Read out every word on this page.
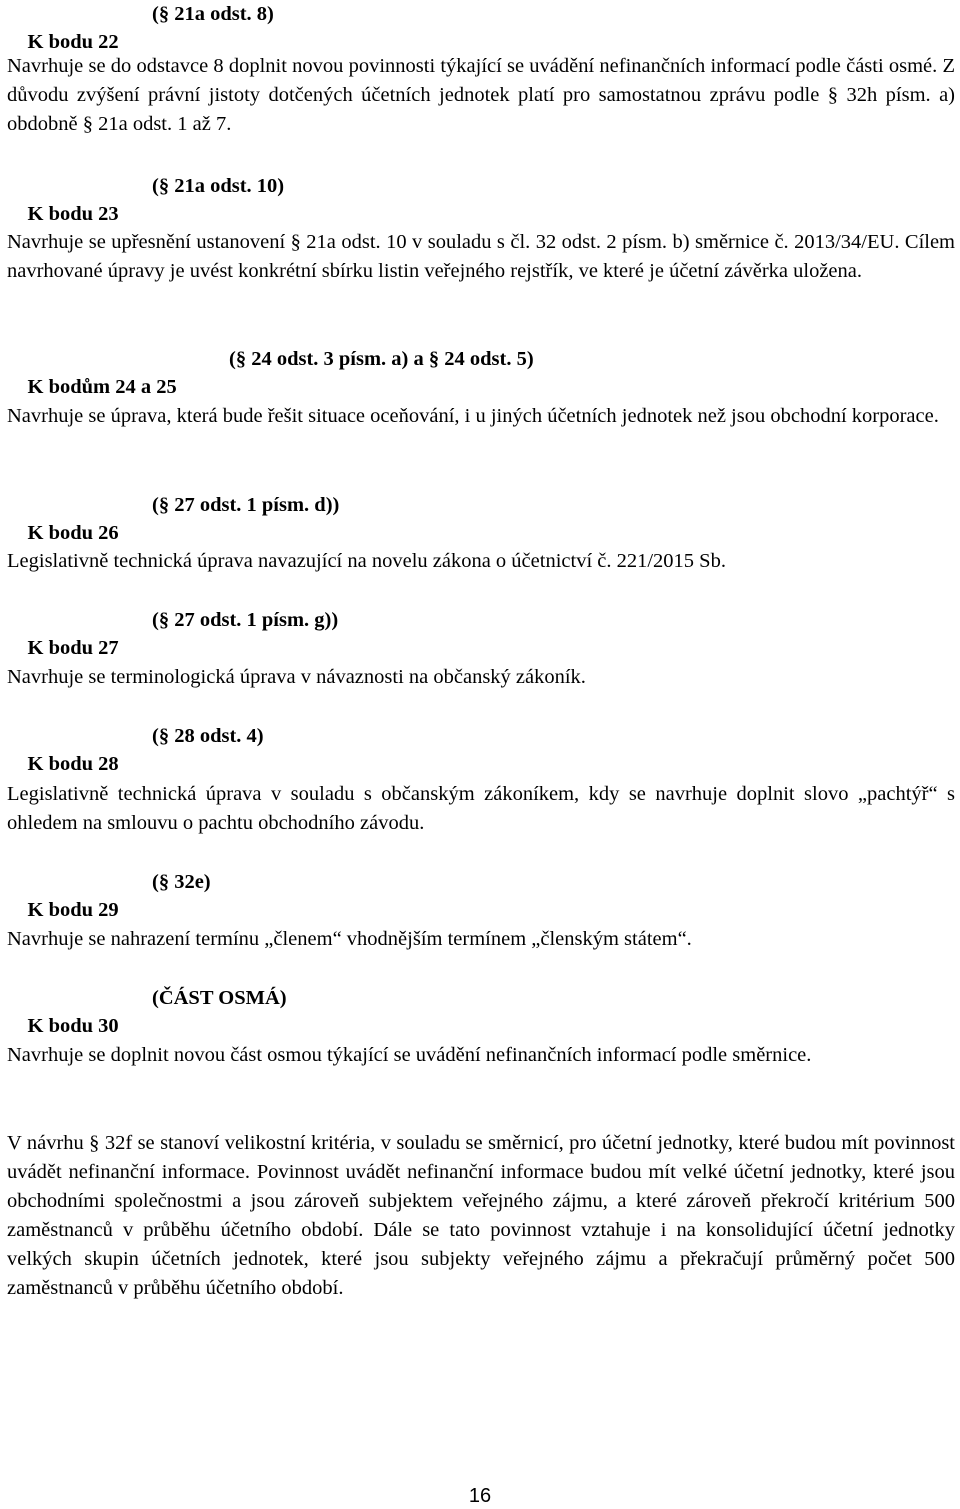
K bodu 22
(§ 21a odst. 8)

Navrhuje se do odstavce 8 doplnit novou povinnosti týkající se uvádění nefinančních informací podle části osmé. Z důvodu zvýšení právní jistoty dotčených účetních jednotek platí pro samostatnou zprávu podle § 32h písm. a) obdobně § 21a odst. 1 až 7.

K bodu 23
(§ 21a odst. 10)

Navrhuje se upřesnění ustanovení § 21a odst. 10 v souladu s čl. 32 odst. 2 písm. b) směrnice č. 2013/34/EU. Cílem navrhované úpravy je uvést konkrétní sbírku listin veřejného rejstřík, ve které je účetní závěrka uložena.

K bodům 24 a 25
(§ 24 odst. 3 písm. a) a § 24 odst. 5)

Navrhuje se úprava, která bude řešit situace oceňování, i u jiných účetních jednotek než jsou obchodní korporace.

K bodu 26
(§ 27 odst. 1 písm. d))

Legislativně technická úprava navazující na novelu zákona o účetnictví č. 221/2015 Sb.

K bodu 27
(§ 27 odst. 1 písm. g))

Navrhuje se terminologická úprava v návaznosti na občanský zákoník.

K bodu 28
(§ 28 odst. 4)

Legislativně technická úprava v souladu s občanským zákoníkem, kdy se navrhuje doplnit slovo „pachtýř“ s ohledem na smlouvu o pachtu obchodního závodu.

K bodu 29
(§ 32e)

Navrhuje se nahrazení termínu „členem“ vhodnějším termínem „členským státem“.

K bodu 30
(ČÁST OSMÁ)

Navrhuje se doplnit novou část osmou týkající se uvádění nefinančních informací podle směrnice.
V návrhu § 32f se stanoví velikostní kritéria, v souladu se směrnicí, pro účetní jednotky, které budou mít povinnost uvádět nefinanční informace. Povinnost uvádět nefinanční informace budou mít velké účetní jednotky, které jsou obchodními společnostmi a jsou zároveň subjektem veřejného zájmu, a které zároveň překročí kritérium 500 zaměstnanců v průběhu účetního období. Dále se tato povinnost vztahuje i na konsolidující účetní jednotky velkých skupin účetních jednotek, které jsou subjekty veřejného zájmu a překračují průměrný počet 500 zaměstnanců v průběhu účetního období.
16
